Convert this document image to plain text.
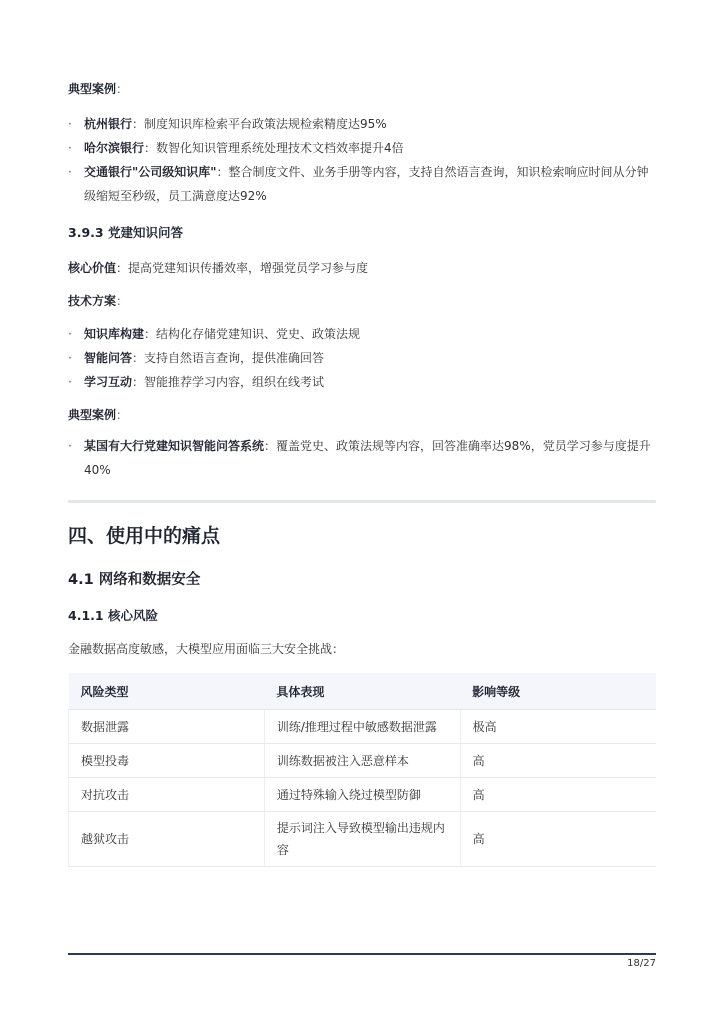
典型案例：

·	杭州银行：制度知识库检索平台政策法规检索精度达95%
·	哈尔滨银行：数智化知识管理系统处理技术文档效率提升4倍
·	交通银行"公司级知识库"：整合制度文件、业务手册等内容，支持自然语言查询，知识检索响应时间从分钟级缩短至秒级，员工满意度达92%

3.9.3 党建知识问答

核心价值：提高党建知识传播效率，增强党员学习参与度

技术方案：

·	知识库构建：结构化存储党建知识、党史、政策法规
·	智能问答：支持自然语言查询，提供准确回答
·	学习互动：智能推荐学习内容，组织在线考试

典型案例：

·	某国有大行党建知识智能问答系统：覆盖党史、政策法规等内容，回答准确率达98%，党员学习参与度提升40%

四、使用中的痛点

4.1 网络和数据安全

4.1.1 核心风险

金融数据高度敏感，大模型应用面临三大安全挑战：

风险类型	具体表现	影响等级
数据泄露	训练/推理过程中敏感数据泄露	极高
模型投毒	训练数据被注入恶意样本	高
对抗攻击	通过特殊输入绕过模型防御	高
越狱攻击	提示词注入导致模型输出违规内容	高
18/27
